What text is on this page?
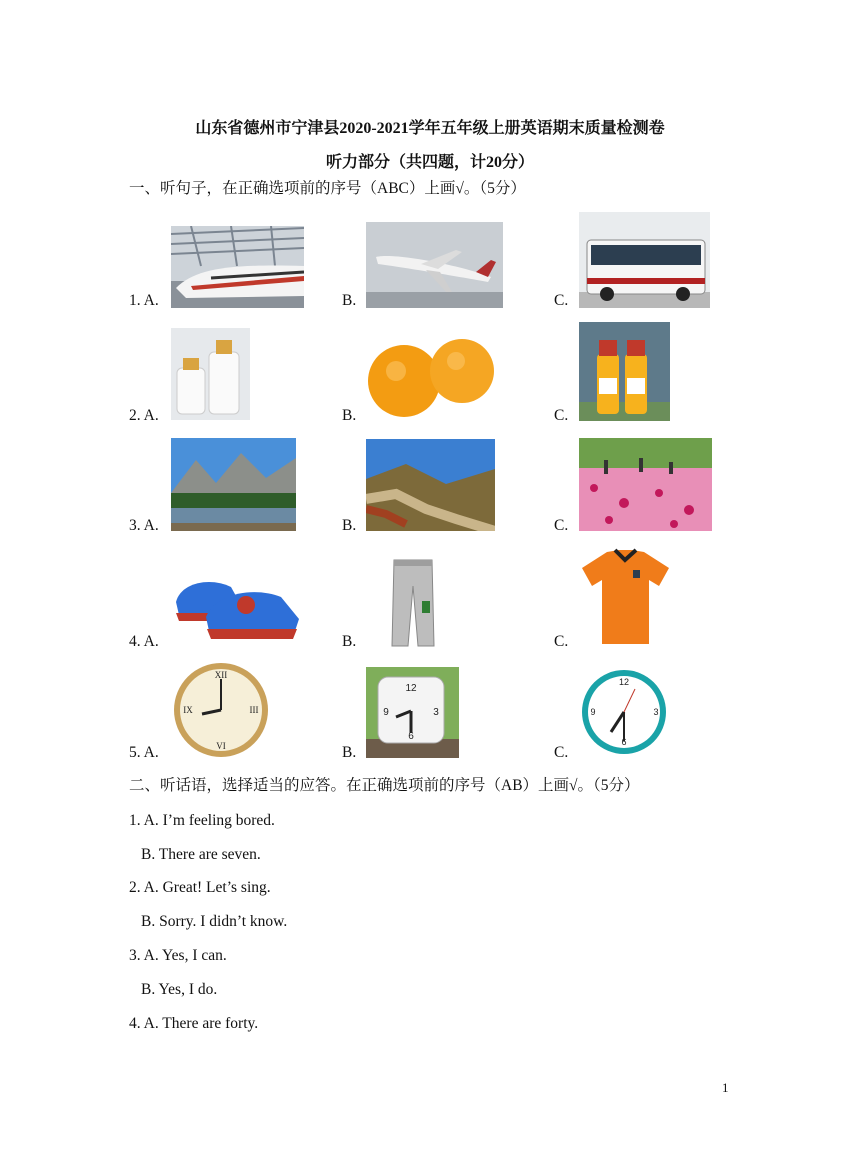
山东省德州市宁津县2020-2021学年五年级上册英语期末质量检测卷
听力部分（共四题，计20分）
一、听句子，在正确选项前的序号（ABC）上画√。（5分）
1. A.	B.	C.
2. A.	B.	C.
3. A.	B.	C.
4. A.	B.	C.
5. A.	B.	C.
XII
VI
IX	III
12
6
9	3
12
6
9	3
二、听话语，选择适当的应答。在正确选项前的序号（AB）上画√。（5分）
1. A. I’m feeling bored.
B. There are seven.
2. A. Great! Let’s sing.
B. Sorry. I didn’t know.
3. A. Yes, I can.
B. Yes, I do.
4. A. There are forty.
1
